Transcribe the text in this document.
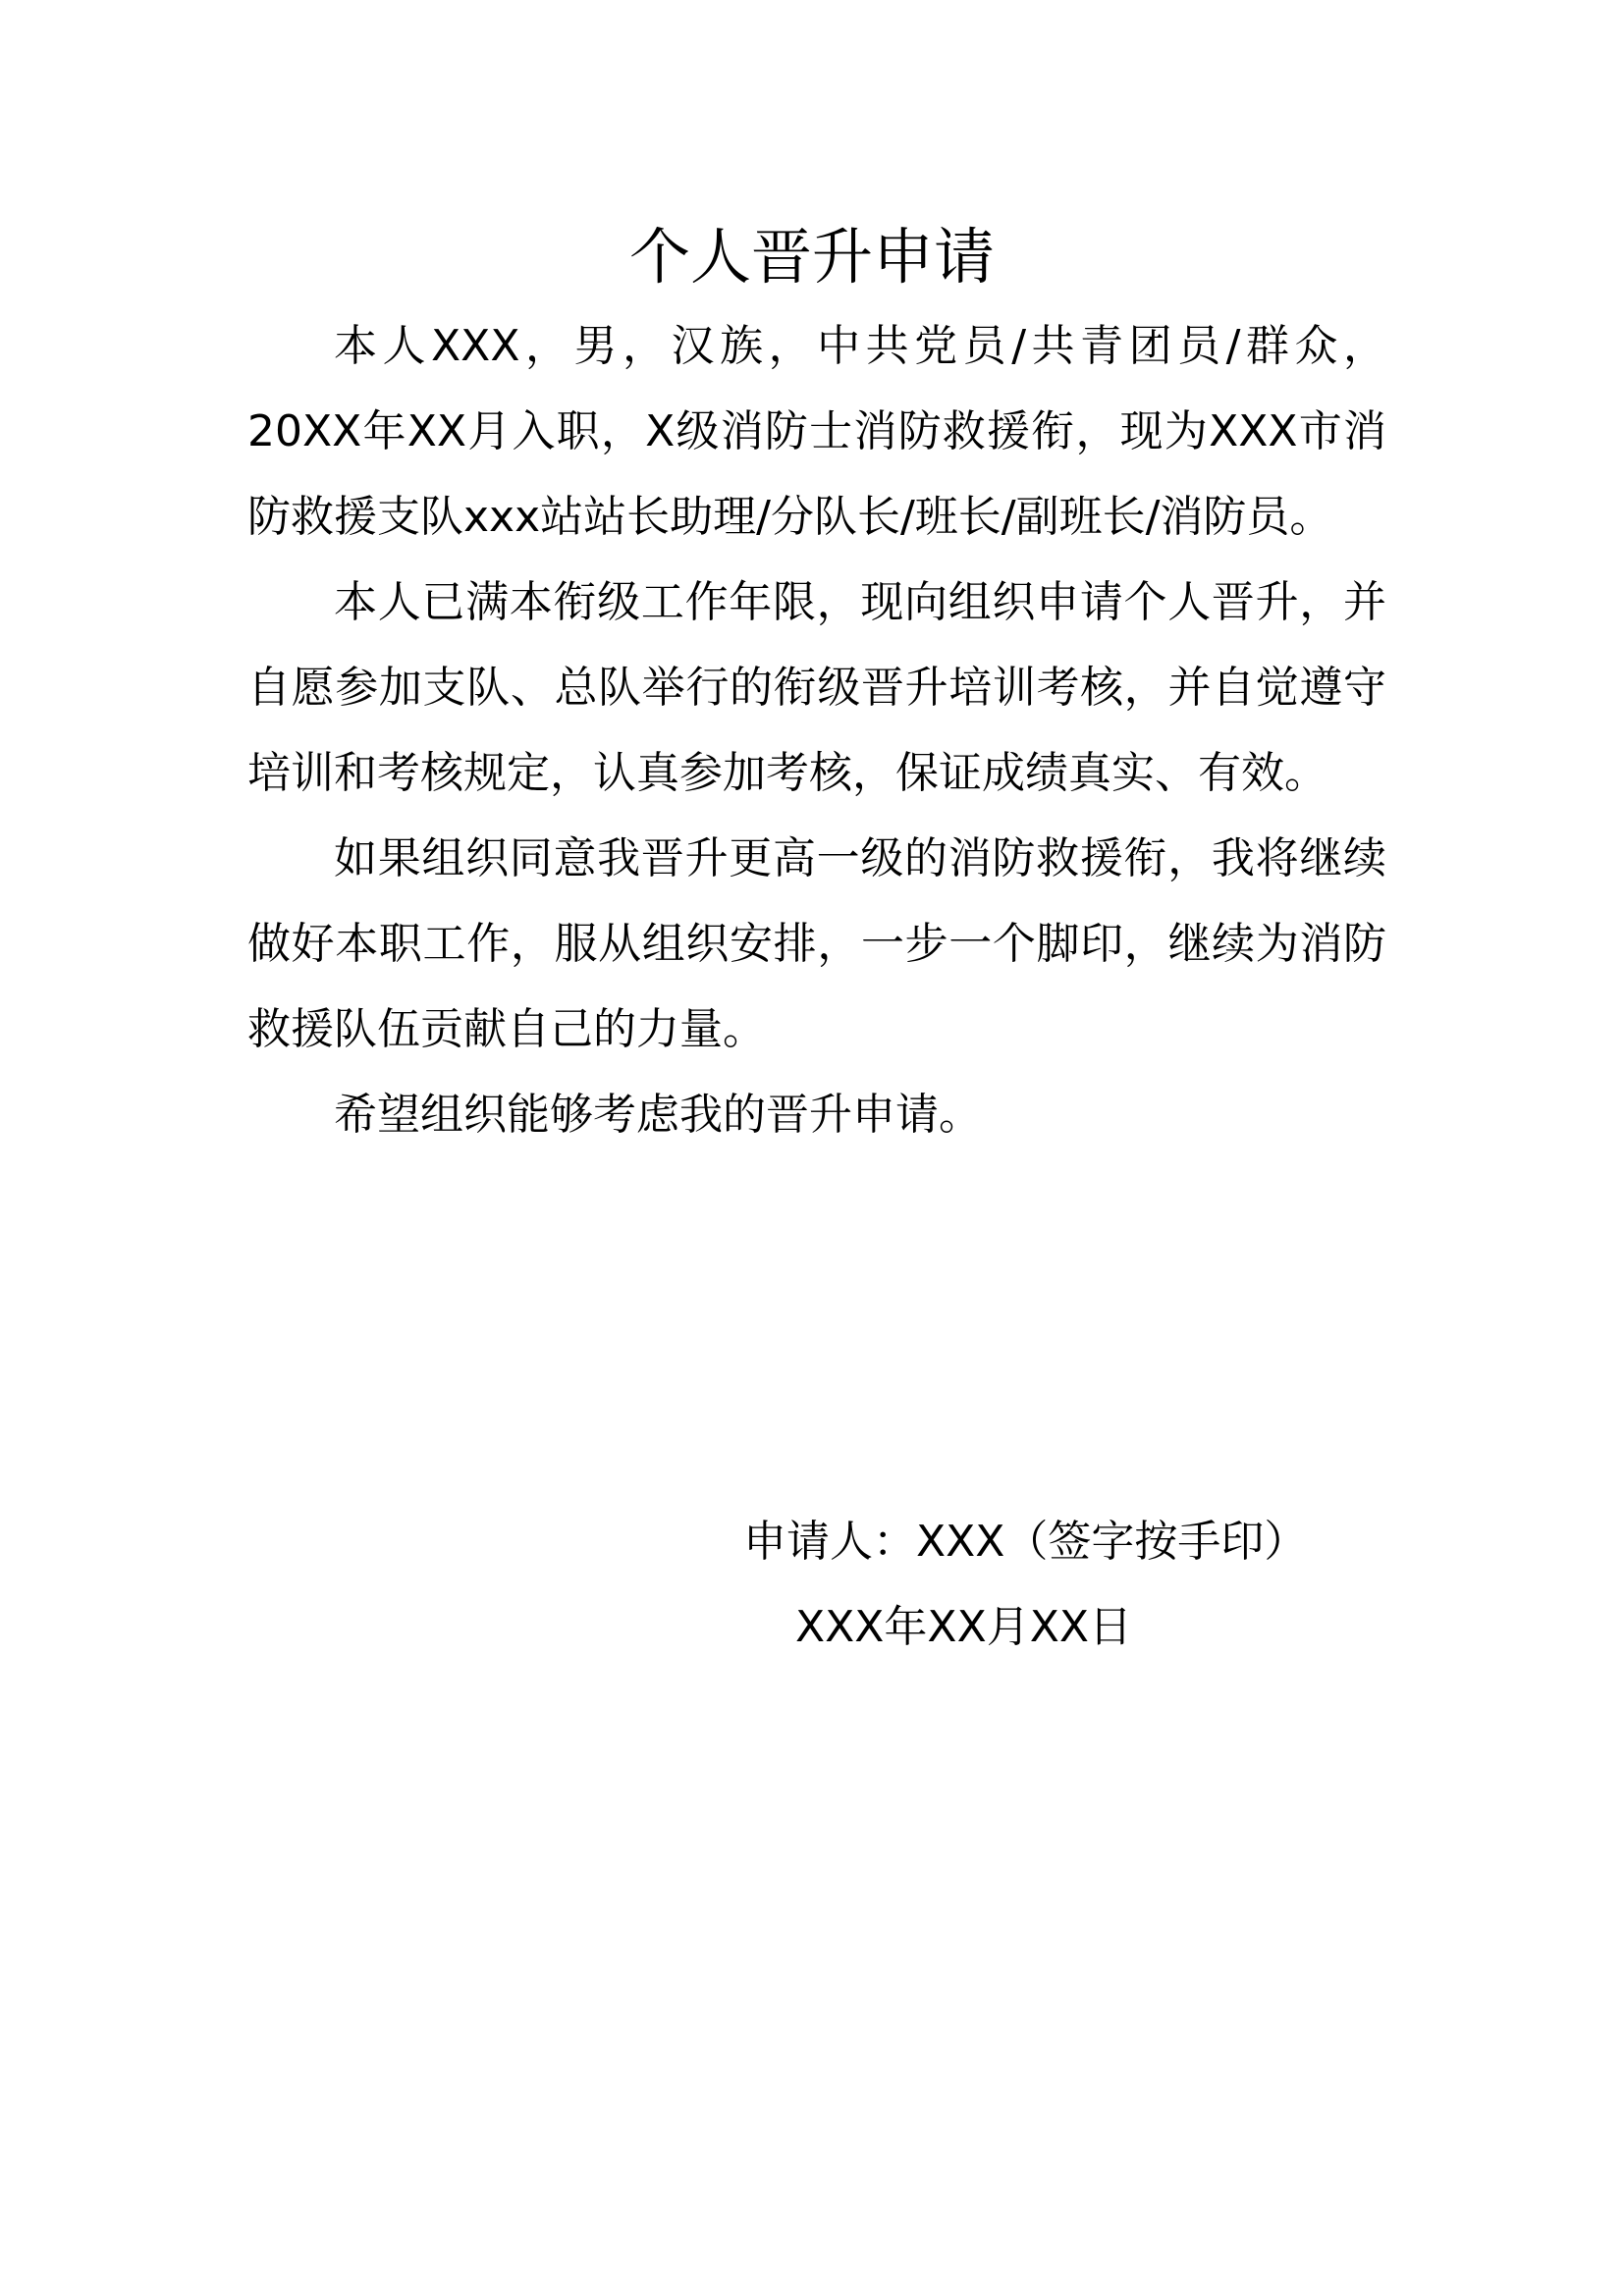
个人晋升申请

本人XXX，男，汉族，中共党员/共青团员/群众，20XX年XX月入职，X级消防士消防救援衔，现为XXX市消防救援支队xxx站站长助理/分队长/班长/副班长/消防员。

本人已满本衔级工作年限，现向组织申请个人晋升，并自愿参加支队、总队举行的衔级晋升培训考核，并自觉遵守培训和考核规定，认真参加考核，保证成绩真实、有效。

如果组织同意我晋升更高一级的消防救援衔，我将继续做好本职工作，服从组织安排，一步一个脚印，继续为消防救援队伍贡献自己的力量。

希望组织能够考虑我的晋升申请。

申请人：XXX（签字按手印）
XXX年XX月XX日
